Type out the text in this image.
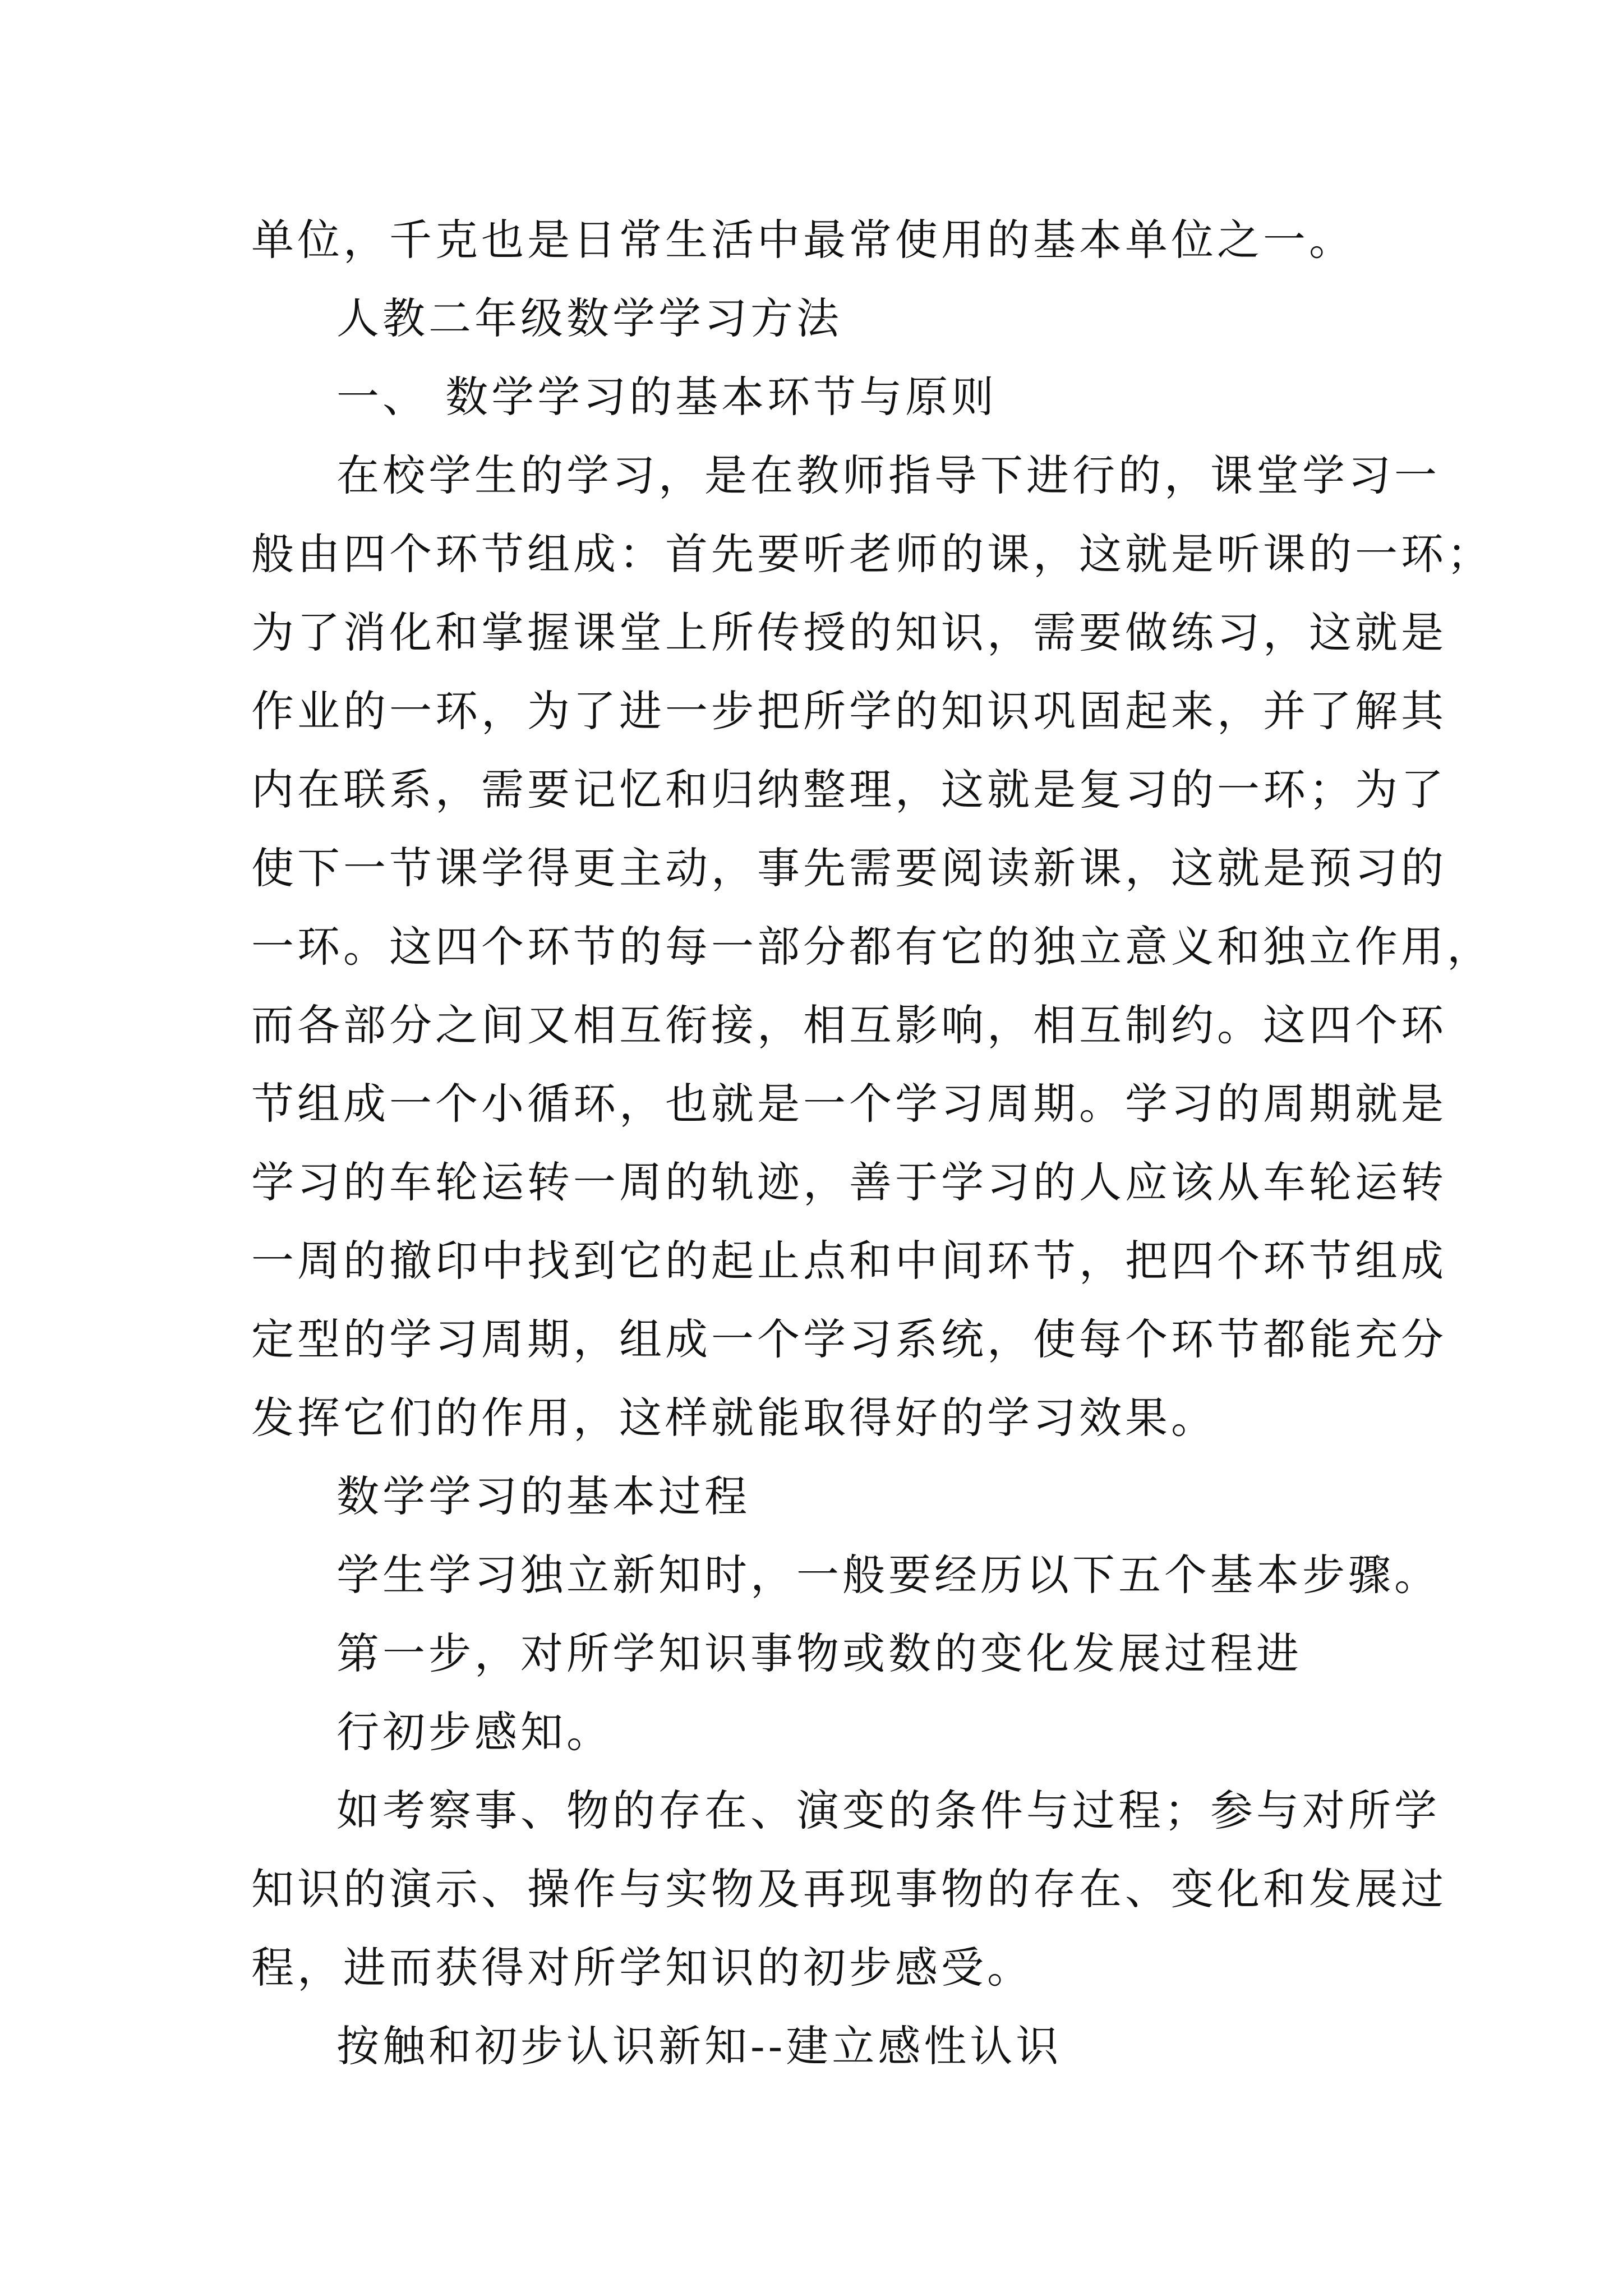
单位，千克也是日常生活中最常使用的基本单位之一。

人教二年级数学学习方法

一、 数学学习的基本环节与原则

在校学生的学习，是在教师指导下进行的，课堂学习一

般由四个环节组成：首先要听老师的课，这就是听课的一环；

为了消化和掌握课堂上所传授的知识，需要做练习，这就是

作业的一环，为了进一步把所学的知识巩固起来，并了解其

内在联系，需要记忆和归纳整理，这就是复习的一环；为了

使下一节课学得更主动，事先需要阅读新课，这就是预习的

一环。这四个环节的每一部分都有它的独立意义和独立作用，

而各部分之间又相互衔接，相互影响，相互制约。这四个环

节组成一个小循环，也就是一个学习周期。学习的周期就是

学习的车轮运转一周的轨迹，善于学习的人应该从车轮运转

一周的撤印中找到它的起止点和中间环节，把四个环节组成

定型的学习周期，组成一个学习系统，使每个环节都能充分

发挥它们的作用，这样就能取得好的学习效果。

数学学习的基本过程

学生学习独立新知时，一般要经历以下五个基本步骤。

第一步，对所学知识事物或数的变化发展过程进

行初步感知。

如考察事、物的存在、演变的条件与过程；参与对所学

知识的演示、操作与实物及再现事物的存在、变化和发展过

程，进而获得对所学知识的初步感受。

按触和初步认识新知--建立感性认识
